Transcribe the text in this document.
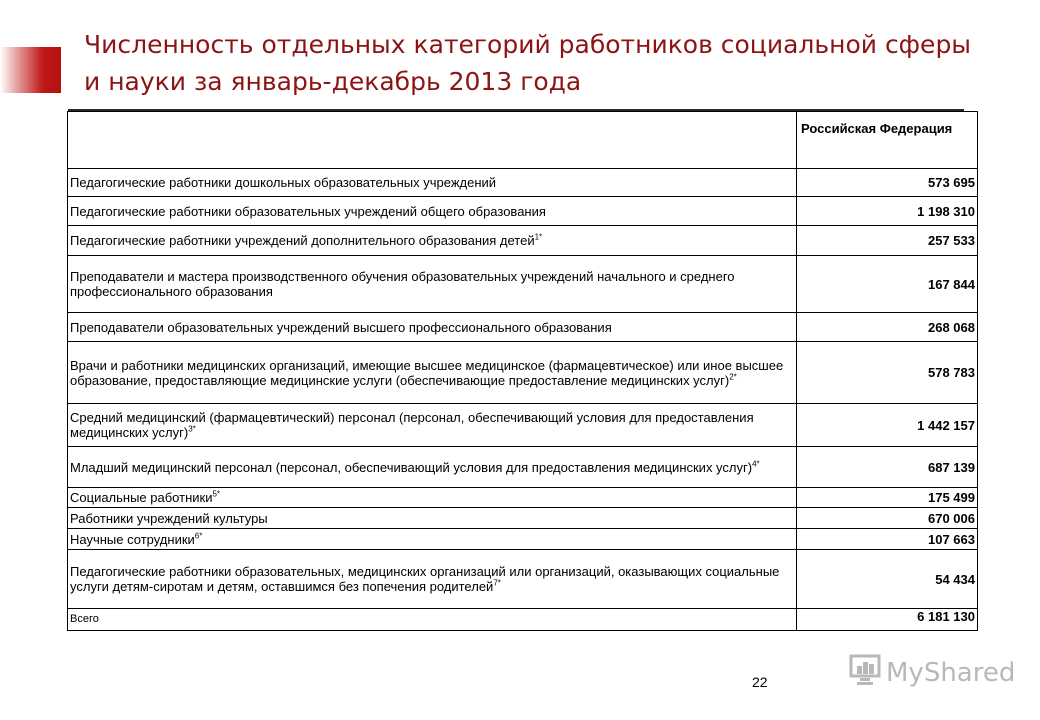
Численность отдельных категорий работников социальной сферы
и науки за январь-декабрь 2013 года
	Российская Федерация
Педагогические работники дошкольных образовательных учреждений	573 695
Педагогические работники образовательных учреждений общего образования	1 198 310
Педагогические работники учреждений дополнительного образования детей$^{1*}$	257 533
Преподаватели и мастера производственного обучения образовательных учреждений начального и среднего профессионального образования	167 844
Преподаватели образовательных учреждений высшего профессионального образования	268 068
Врачи и работники медицинских организаций, имеющие высшее медицинское (фармацевтическое) или иное высшее образование, предоставляющие медицинские услуги (обеспечивающие предоставление медицинских услуг)$^{2*}$	578 783
Средний медицинский (фармацевтический) персонал (персонал, обеспечивающий условия для предоставления медицинских услуг)$^{3*}$	1 442 157
Младший медицинский персонал (персонал, обеспечивающий условия для предоставления медицинских услуг)$^{4*}$	687 139
Социальные работники$^{5*}$	175 499
Работники учреждений культуры	670 006
Научные сотрудники$^{6*}$	107 663
Педагогические работники образовательных, медицинских организаций или организаций, оказывающих социальные услуги детям-сиротам и детям, оставшимся без попечения родителей$^{7*}$	54 434
Всего	6 181 130
22	MyShared
